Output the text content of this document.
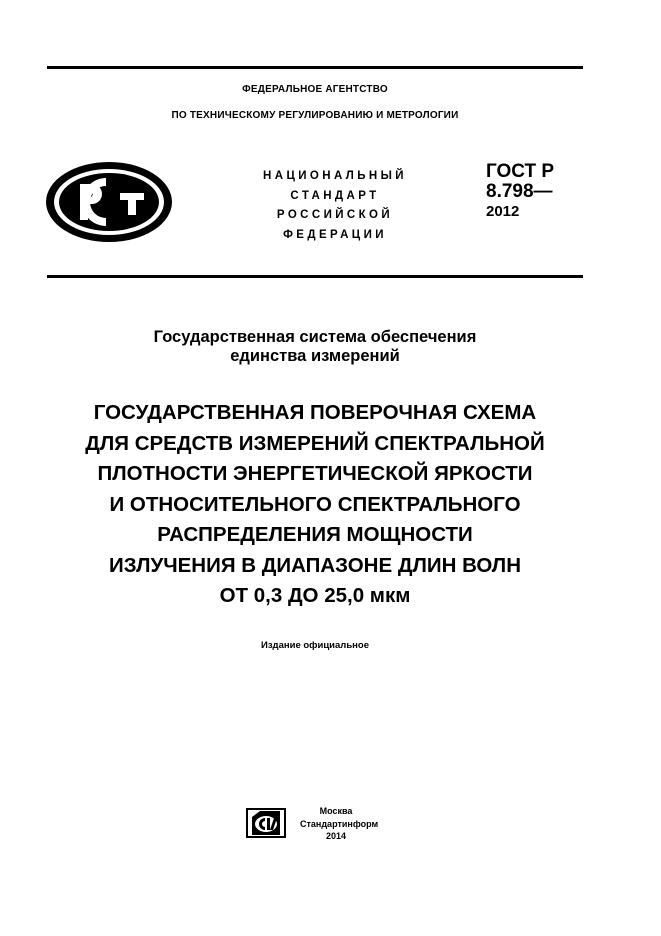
ФЕДЕРАЛЬНОЕ АГЕНТСТВО
ПО ТЕХНИЧЕСКОМУ РЕГУЛИРОВАНИЮ И МЕТРОЛОГИИ
НАЦИОНАЛЬНЫЙ
СТАНДАРТ
РОССИЙСКОЙ
ФЕДЕРАЦИИ
ГОСТ Р
8.798—
2012
Государственная система обеспечения
единства измерений
ГОСУДАРСТВЕННАЯ ПОВЕРОЧНАЯ СХЕМА
ДЛЯ СРЕДСТВ ИЗМЕРЕНИЙ СПЕКТРАЛЬНОЙ
ПЛОТНОСТИ ЭНЕРГЕТИЧЕСКОЙ ЯРКОСТИ
И ОТНОСИТЕЛЬНОГО СПЕКТРАЛЬНОГО
РАСПРЕДЕЛЕНИЯ МОЩНОСТИ
ИЗЛУЧЕНИЯ В ДИАПАЗОНЕ ДЛИН ВОЛН
ОТ 0,3 ДО 25,0 мкм
Издание официальное
Москва
Стандартинформ
2014
